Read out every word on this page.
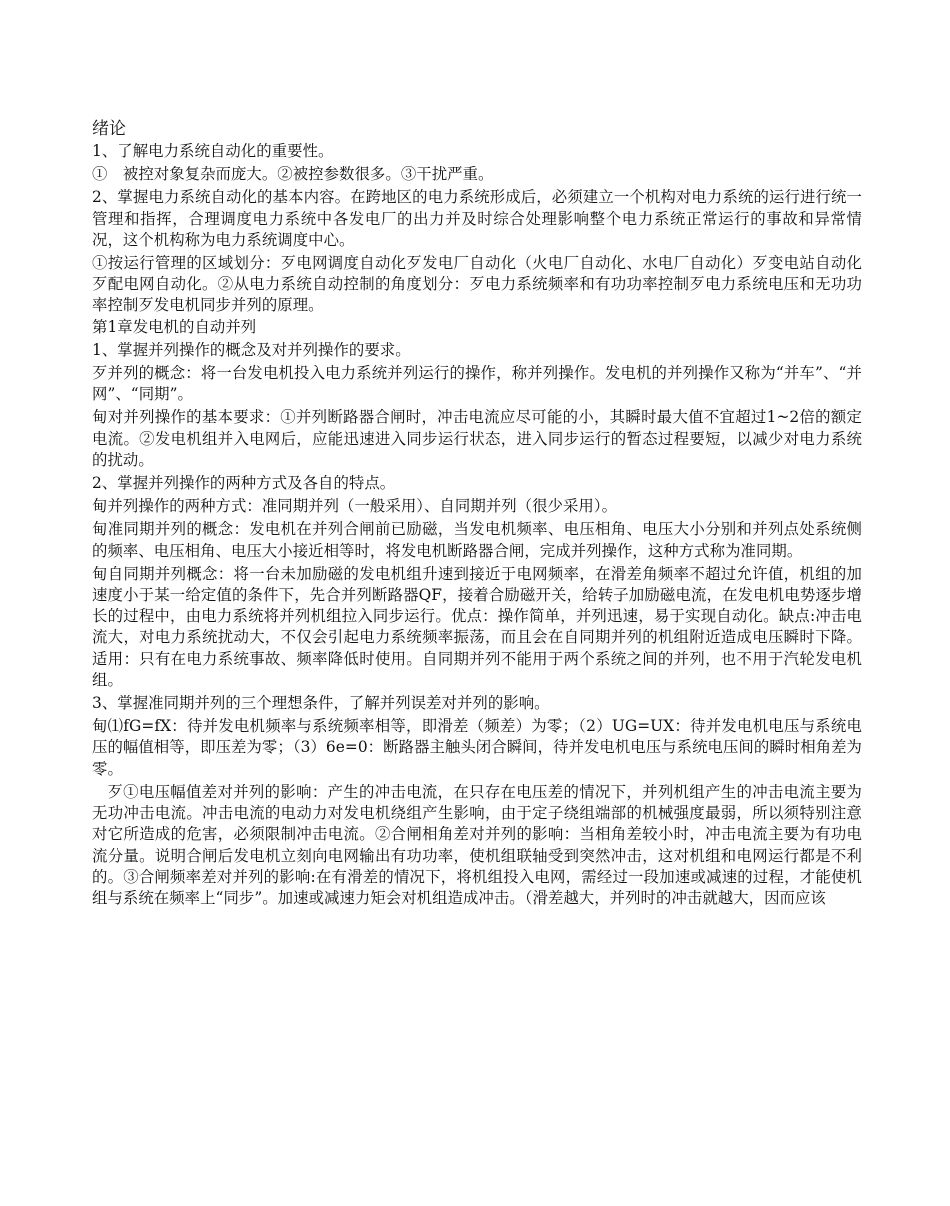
绪论

1、了解电力系统自动化的重要性。

①　被控对象复杂而庞大。②被控参数很多。③干扰严重。

2、掌握电力系统自动化的基本内容。在跨地区的电力系统形成后，必须建立一个机构对电力系统的运行进行统一管理和指挥，合理调度电力系统中各发电厂的出力并及时综合处理影响整个电力系统正常运行的事故和异常情况，这个机构称为电力系统调度中心。

①按运行管理的区域划分：歹电网调度自动化歹发电厂自动化（火电厂自动化、水电厂自动化）歹变电站自动化歹配电网自动化。②从电力系统自动控制的角度划分：歹电力系统频率和有功功率控制歹电力系统电压和无功功率控制歹发电机同步并列的原理。

第1章发电机的自动并列

1、掌握并列操作的概念及对并列操作的要求。

歹并列的概念：将一台发电机投入电力系统并列运行的操作，称并列操作。发电机的并列操作又称为“并车”、“并网”、“同期”。

甸对并列操作的基本要求：①并列断路器合闸时，冲击电流应尽可能的小，其瞬时最大值不宜超过1~2倍的额定电流。②发电机组并入电网后，应能迅速进入同步运行状态，进入同步运行的暂态过程要短，以减少对电力系统的扰动。

2、掌握并列操作的两种方式及各自的特点。

甸并列操作的两种方式：准同期并列（一般采用）、自同期并列（很少采用）。

甸准同期并列的概念：发电机在并列合闸前已励磁，当发电机频率、电压相角、电压大小分别和并列点处系统侧的频率、电压相角、电压大小接近相等时，将发电机断路器合闸，完成并列操作，这种方式称为准同期。

甸自同期并列概念：将一台未加励磁的发电机组升速到接近于电网频率，在滑差角频率不超过允许值，机组的加速度小于某一给定值的条件下，先合并列断路器QF，接着合励磁开关，给转子加励磁电流，在发电机电势逐步增长的过程中，由电力系统将并列机组拉入同步运行。优点：操作简单，并列迅速，易于实现自动化。缺点:冲击电流大，对电力系统扰动大，不仅会引起电力系统频率振荡，而且会在自同期并列的机组附近造成电压瞬时下降。适用：只有在电力系统事故、频率降低时使用。自同期并列不能用于两个系统之间的并列，也不用于汽轮发电机组。

3、掌握准同期并列的三个理想条件，了解并列误差对并列的影响。

甸⑴fG=fX：待并发电机频率与系统频率相等，即滑差（频差）为零；（2）UG=UX：待并发电机电压与系统电压的幅值相等，即压差为零；（3）6e=0：断路器主触头闭合瞬间，待并发电机电压与系统电压间的瞬时相角差为零。

歹①电压幅值差对并列的影响：产生的冲击电流，在只存在电压差的情况下，并列机组产生的冲击电流主要为无功冲击电流。冲击电流的电动力对发电机绕组产生影响，由于定子绕组端部的机械强度最弱，所以须特别注意对它所造成的危害，必须限制冲击电流。②合闸相角差对并列的影响：当相角差较小时，冲击电流主要为有功电流分量。说明合闸后发电机立刻向电网输出有功功率，使机组联轴受到突然冲击，这对机组和电网运行都是不利的。③合闸频率差对并列的影响:在有滑差的情况下，将机组投入电网，需经过一段加速或减速的过程，才能使机组与系统在频率上“同步”。加速或减速力矩会对机组造成冲击。（滑差越大，并列时的冲击就越大，因而应该
